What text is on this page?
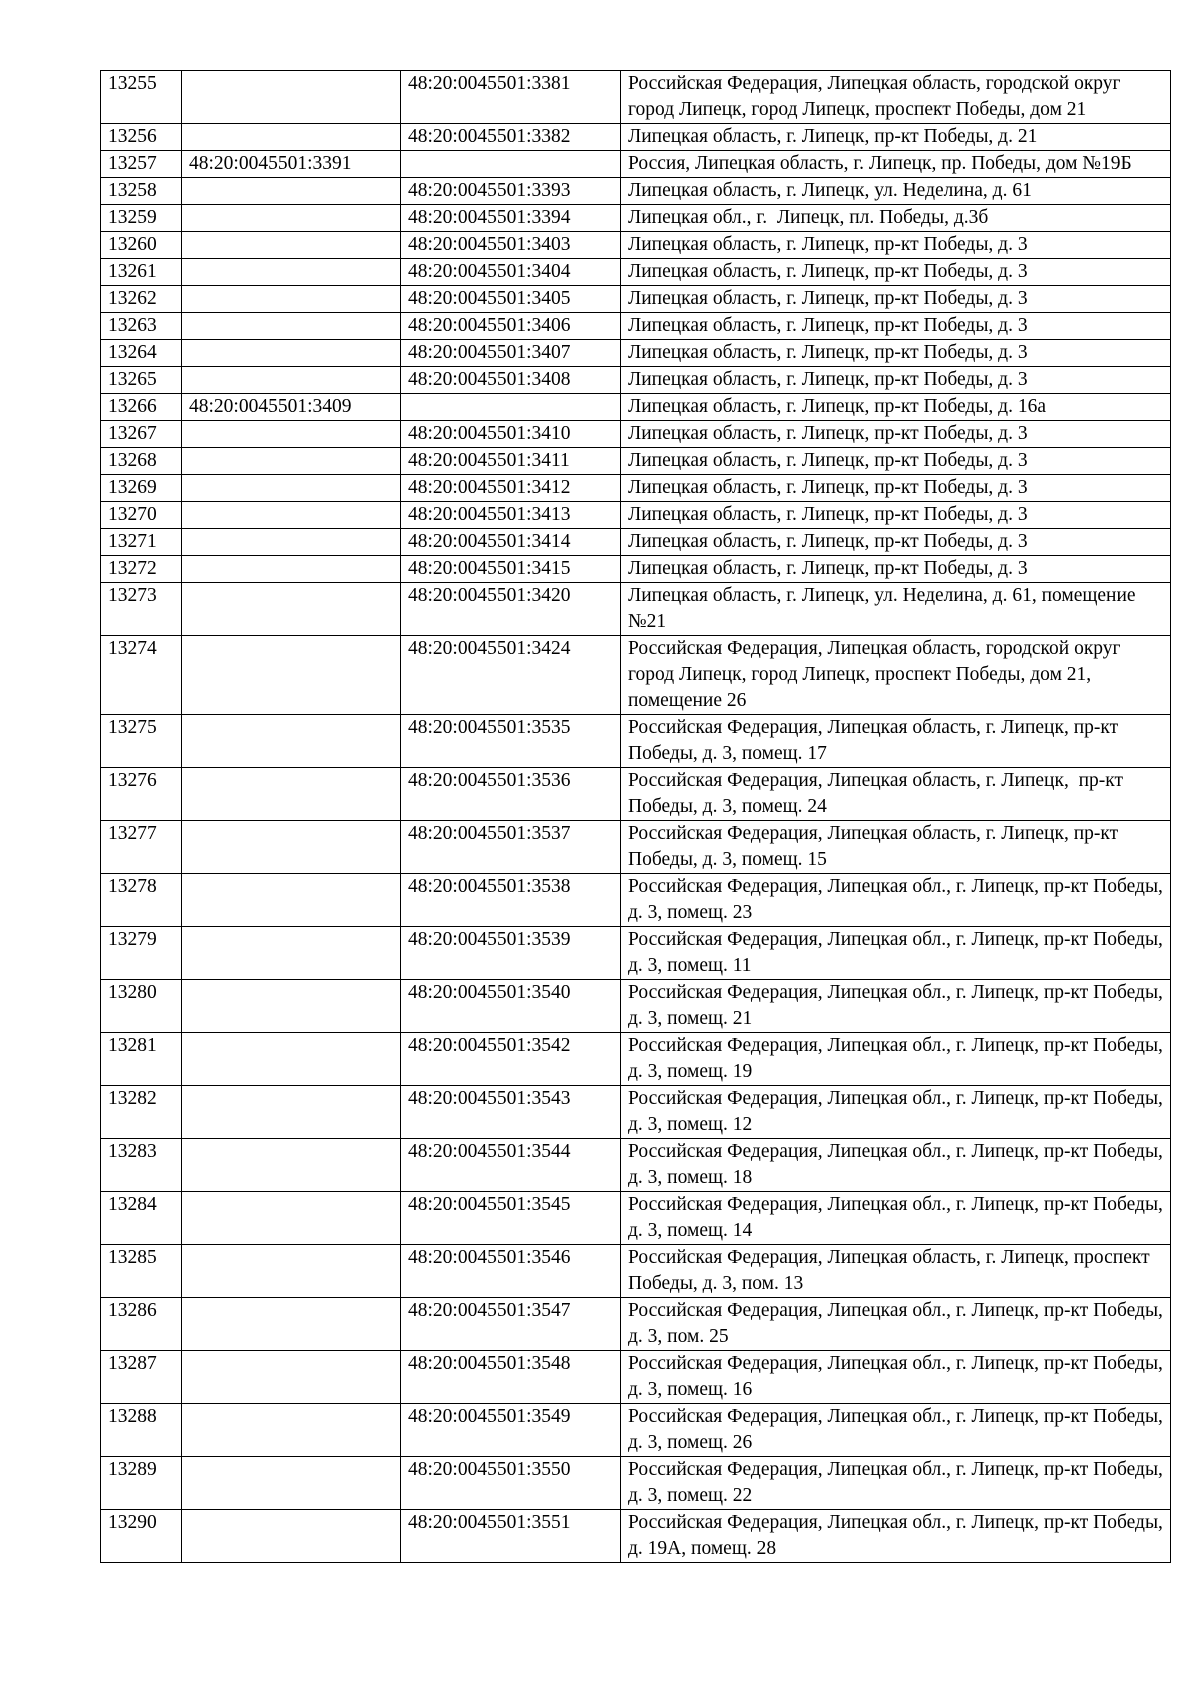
13255		48:20:0045501:3381	Российская Федерация, Липецкая область, городской округ город Липецк, город Липецк, проспект Победы, дом 21
13256		48:20:0045501:3382	Липецкая область, г. Липецк, пр-кт Победы, д. 21
13257	48:20:0045501:3391		Россия, Липецкая область, г. Липецк, пр. Победы, дом №19Б
13258		48:20:0045501:3393	Липецкая область, г. Липецк, ул. Неделина, д. 61
13259		48:20:0045501:3394	Липецкая обл., г.  Липецк, пл. Победы, д.3б
13260		48:20:0045501:3403	Липецкая область, г. Липецк, пр-кт Победы, д. 3
13261		48:20:0045501:3404	Липецкая область, г. Липецк, пр-кт Победы, д. 3
13262		48:20:0045501:3405	Липецкая область, г. Липецк, пр-кт Победы, д. 3
13263		48:20:0045501:3406	Липецкая область, г. Липецк, пр-кт Победы, д. 3
13264		48:20:0045501:3407	Липецкая область, г. Липецк, пр-кт Победы, д. 3
13265		48:20:0045501:3408	Липецкая область, г. Липецк, пр-кт Победы, д. 3
13266	48:20:0045501:3409		Липецкая область, г. Липецк, пр-кт Победы, д. 16а
13267		48:20:0045501:3410	Липецкая область, г. Липецк, пр-кт Победы, д. 3
13268		48:20:0045501:3411	Липецкая область, г. Липецк, пр-кт Победы, д. 3
13269		48:20:0045501:3412	Липецкая область, г. Липецк, пр-кт Победы, д. 3
13270		48:20:0045501:3413	Липецкая область, г. Липецк, пр-кт Победы, д. 3
13271		48:20:0045501:3414	Липецкая область, г. Липецк, пр-кт Победы, д. 3
13272		48:20:0045501:3415	Липецкая область, г. Липецк, пр-кт Победы, д. 3
13273		48:20:0045501:3420	Липецкая область, г. Липецк, ул. Неделина, д. 61, помещение №21
13274		48:20:0045501:3424	Российская Федерация, Липецкая область, городской округ город Липецк, город Липецк, проспект Победы, дом 21, помещение 26
13275		48:20:0045501:3535	Российская Федерация, Липецкая область, г. Липецк, пр-кт Победы, д. 3, помещ. 17
13276		48:20:0045501:3536	Российская Федерация, Липецкая область, г. Липецк,  пр-кт Победы, д. 3, помещ. 24
13277		48:20:0045501:3537	Российская Федерация, Липецкая область, г. Липецк, пр-кт Победы, д. 3, помещ. 15
13278		48:20:0045501:3538	Российская Федерация, Липецкая обл., г. Липецк, пр-кт Победы, д. 3, помещ. 23
13279		48:20:0045501:3539	Российская Федерация, Липецкая обл., г. Липецк, пр-кт Победы, д. 3, помещ. 11
13280		48:20:0045501:3540	Российская Федерация, Липецкая обл., г. Липецк, пр-кт Победы, д. 3, помещ. 21
13281		48:20:0045501:3542	Российская Федерация, Липецкая обл., г. Липецк, пр-кт Победы, д. 3, помещ. 19
13282		48:20:0045501:3543	Российская Федерация, Липецкая обл., г. Липецк, пр-кт Победы, д. 3, помещ. 12
13283		48:20:0045501:3544	Российская Федерация, Липецкая обл., г. Липецк, пр-кт Победы, д. 3, помещ. 18
13284		48:20:0045501:3545	Российская Федерация, Липецкая обл., г. Липецк, пр-кт Победы, д. 3, помещ. 14
13285		48:20:0045501:3546	Российская Федерация, Липецкая область, г. Липецк, проспект Победы, д. 3, пом. 13
13286		48:20:0045501:3547	Российская Федерация, Липецкая обл., г. Липецк, пр-кт Победы, д. 3, пом. 25
13287		48:20:0045501:3548	Российская Федерация, Липецкая обл., г. Липецк, пр-кт Победы, д. 3, помещ. 16
13288		48:20:0045501:3549	Российская Федерация, Липецкая обл., г. Липецк, пр-кт Победы, д. 3, помещ. 26
13289		48:20:0045501:3550	Российская Федерация, Липецкая обл., г. Липецк, пр-кт Победы, д. 3, помещ. 22
13290		48:20:0045501:3551	Российская Федерация, Липецкая обл., г. Липецк, пр-кт Победы, д. 19А, помещ. 28
